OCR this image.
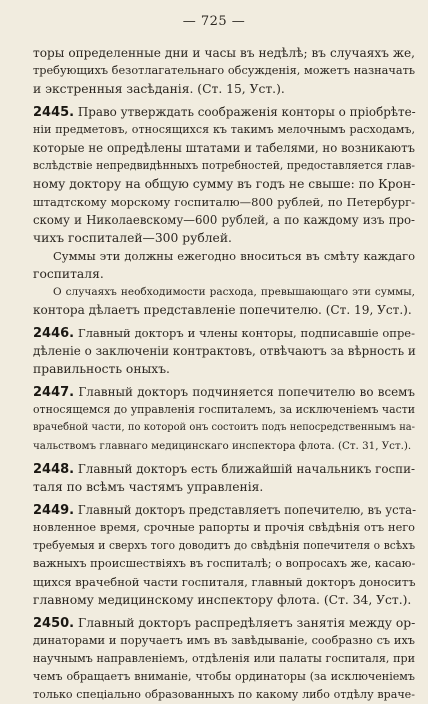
— 725 —
торы определенные дни и часы въ недѣлѣ; въ случаяхъ же,
требующихъ безотлагательнаго обсужденія, можетъ назначать
и экстренныя засѣданія. (Ст. 15, Уст.).
2445. Право утверждать соображенія конторы о пріобрѣте-
ніи предметовъ, относящихся къ такимъ мелочнымъ расходамъ,
которые не опредѣлены штатами и табелями, но возникаютъ
вслѣдствіе непредвидѣнныхъ потребностей, предоставляется глав-
ному доктору на общую сумму въ годъ не свыше: по Крон-
штадтскому морскому госпиталю—800 рублей, по Петербург-
скому и Николаевскому—600 рублей, а по каждому изъ про-
чихъ госпиталей—300 рублей.
Суммы эти должны ежегодно вноситься въ смѣту каждаго
госпиталя.
О случаяхъ необходимости расхода, превышающаго эти суммы,
контора дѣлаетъ представленіе попечителю. (Ст. 19, Уст.).
2446. Главный докторъ и члены конторы, подписавшіе опре-
дѣленіе о заключеніи контрактовъ, отвѣчаютъ за вѣрность и
правильность оныхъ.
2447. Главный докторъ подчиняется попечителю во всемъ
относящемся до управленія госпиталемъ, за исключеніемъ части
врачебной части, по которой онъ состоитъ подъ непосредственнымъ на-
чальствомъ главнаго медицинскаго инспектора флота. (Ст. 31, Уст.).
2448. Главный докторъ есть ближайшій начальникъ госпи-
таля по всѣмъ частямъ управленія.
2449. Главный докторъ представляетъ попечителю, въ уста-
новленное время, срочные рапорты и прочія свѣдѣнія отъ него
требуемыя и сверхъ того доводитъ до свѣдѣнія попечителя о всѣхъ
важныхъ происшествіяхъ въ госпиталѣ; о вопросахъ же, касаю-
щихся врачебной части госпиталя, главный докторъ доноситъ
главному медицинскому инспектору флота. (Ст. 34, Уст.).
2450. Главный докторъ распредѣляетъ занятія между ор-
динаторами и поручаетъ имъ въ завѣдываніе, сообразно съ ихъ
научнымъ направленіемъ, отдѣленія или палаты госпиталя, при
чемъ обращаетъ вниманіе, чтобы ординаторы (за исключеніемъ
только спеціально образованныхъ по какому либо отдѣлу враче-
